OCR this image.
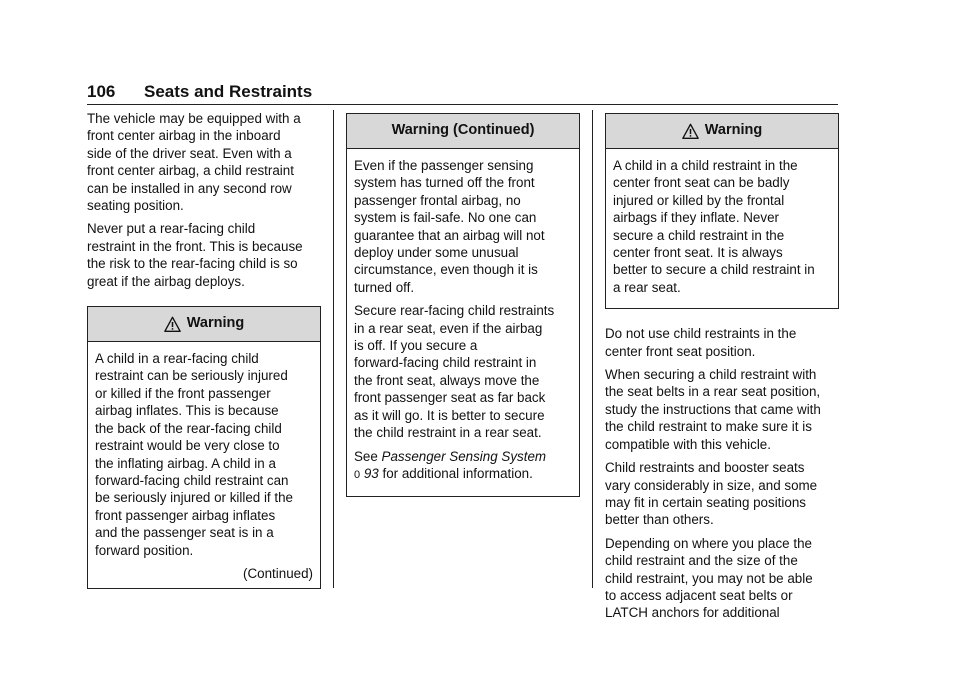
106 Seats and Restraints

The vehicle may be equipped with a
front center airbag in the inboard
side of the driver seat. Even with a
front center airbag, a child restraint
can be installed in any second row
seating position.

Never put a rear-facing child
restraint in the front. This is because
the risk to the rear-facing child is so
great if the airbag deploys.

Warning

A child in a rear-facing child
restraint can be seriously injured
or killed if the front passenger
airbag inflates. This is because
the back of the rear-facing child
restraint would be very close to
the inflating airbag. A child in a
forward-facing child restraint can
be seriously injured or killed if the
front passenger airbag inflates
and the passenger seat is in a
forward position.

(Continued)
Warning (Continued)

Even if the passenger sensing
system has turned off the front
passenger frontal airbag, no
system is fail-safe. No one can
guarantee that an airbag will not
deploy under some unusual
circumstance, even though it is
turned off.

Secure rear-facing child restraints
in a rear seat, even if the airbag
is off. If you secure a
forward-facing child restraint in
the front seat, always move the
front passenger seat as far back
as it will go. It is better to secure
the child restraint in a rear seat.

See Passenger Sensing System
0 93 for additional information.

Warning

A child in a child restraint in the
center front seat can be badly
injured or killed by the frontal
airbags if they inflate. Never
secure a child restraint in the
center front seat. It is always
better to secure a child restraint in
a rear seat.

Do not use child restraints in the
center front seat position.

When securing a child restraint with
the seat belts in a rear seat position,
study the instructions that came with
the child restraint to make sure it is
compatible with this vehicle.

Child restraints and booster seats
vary considerably in size, and some
may fit in certain seating positions
better than others.

Depending on where you place the
child restraint and the size of the
child restraint, you may not be able
to access adjacent seat belts or
LATCH anchors for additional
